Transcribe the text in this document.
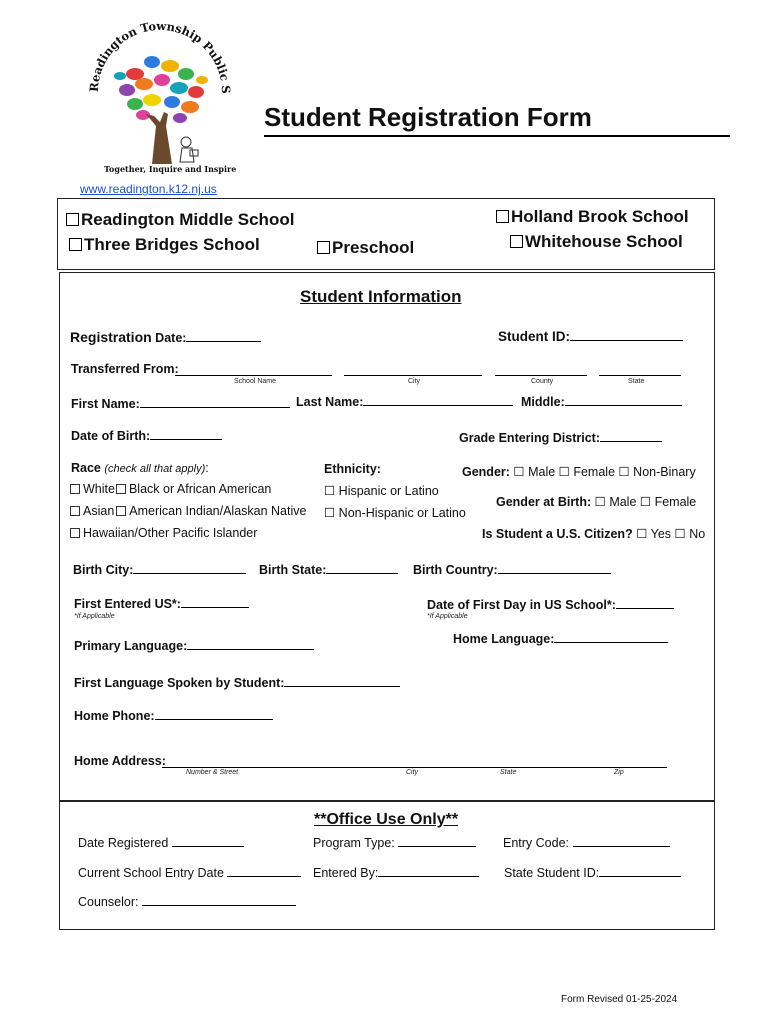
Readington Township Public S
Together, Inquire and Inspire
Student Registration Form
www.readington.k12.nj.us
Readington Middle School
Three Bridges School	Preschool
Holland Brook School
Whitehouse School
Student Information
Registration Date:	Student ID:
Transferred From:
School Name	City	County	State
First Name:	Last Name:	Middle:
Date of Birth:	Grade Entering District:
Race (check all that apply):
White Black or African American
Asian American Indian/Alaskan Native
Hawaiian/Other Pacific Islander
Ethnicity:
☐ Hispanic or Latino
☐ Non-Hispanic or Latino
Gender: ☐ Male ☐ Female ☐ Non-Binary
Gender at Birth: ☐ Male ☐ Female
Is Student a U.S. Citizen? ☐ Yes ☐ No
Birth City:	Birth State:	Birth Country:
First Entered US*:
*If Applicable
Date of First Day in US School*:
*If Applicable
Home Language:
Primary Language:
First Language Spoken by Student:
Home Phone:
Home Address:
Number & Street	City	State	Zip
**Office Use Only**
Date Registered	Program Type:	Entry Code:
Current School Entry Date	Entered By:	State Student ID:
Counselor:
Form Revised 01-25-2024
